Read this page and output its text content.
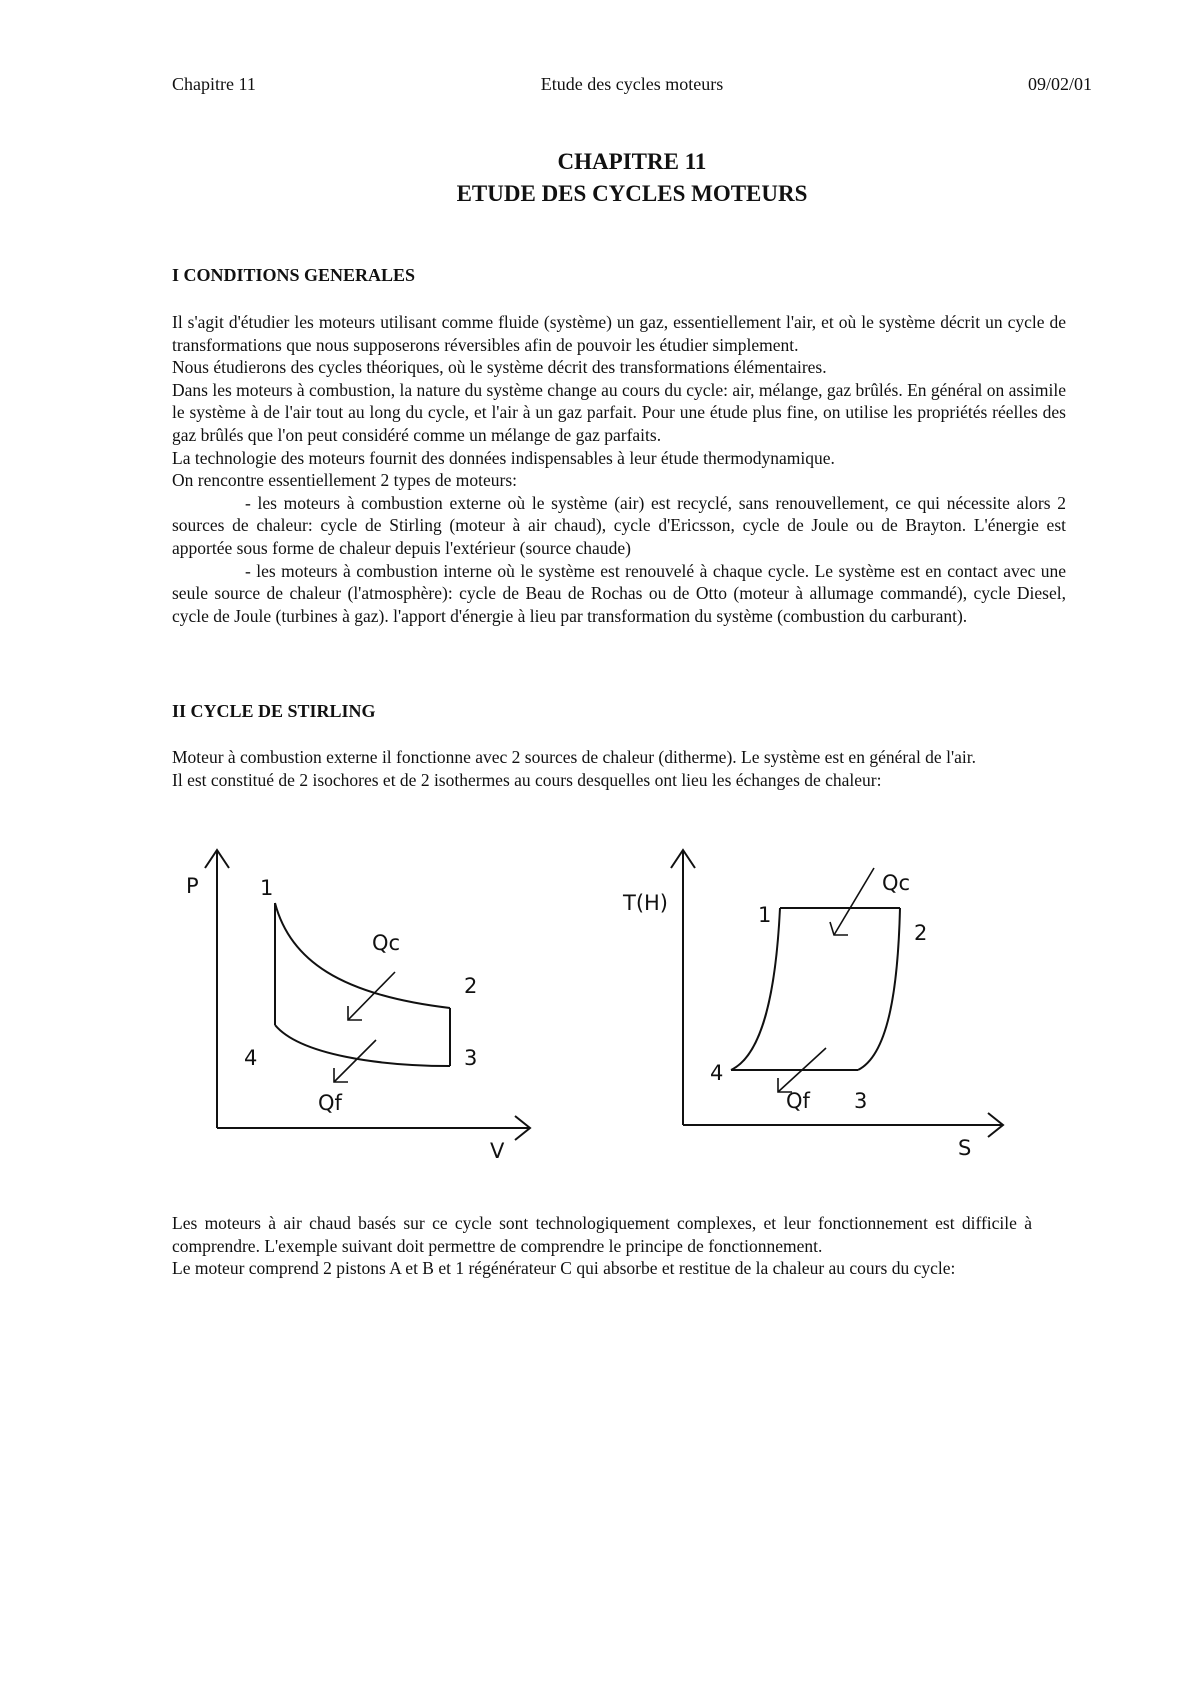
Chapitre 11	Etude des cycles moteurs	09/02/01
CHAPITRE 11
ETUDE DES CYCLES MOTEURS
I CONDITIONS GENERALES

Il s'agit d'étudier les moteurs utilisant comme fluide (système) un gaz, essentiellement l'air, et où le système décrit un cycle de transformations que nous supposerons réversibles afin de pouvoir les étudier simplement.

Nous étudierons des cycles théoriques, où le système décrit des transformations élémentaires.

Dans les moteurs à combustion, la nature du système change au cours du cycle: air, mélange, gaz brûlés. En général on assimile le système à de l'air tout au long du cycle, et l'air à un gaz parfait. Pour une étude plus fine, on utilise les propriétés réelles des gaz brûlés que l'on peut considéré comme un mélange de gaz parfaits.

La technologie des moteurs fournit des données indispensables à leur étude thermodynamique.

On rencontre essentiellement 2 types de moteurs:

- les moteurs à combustion externe où le système (air) est recyclé, sans renouvellement, ce qui nécessite alors 2 sources de chaleur: cycle de Stirling (moteur à air chaud), cycle d'Ericsson, cycle de Joule ou de Brayton. L'énergie est apportée sous forme de chaleur depuis l'extérieur (source chaude)

- les moteurs à combustion interne où le système est renouvelé à chaque cycle. Le système est en contact avec une seule source de chaleur (l'atmosphère): cycle de Beau de Rochas ou de Otto (moteur à allumage commandé), cycle Diesel, cycle de Joule (turbines à gaz). l'apport d'énergie à lieu par transformation du système (combustion du carburant).

II CYCLE DE STIRLING

Moteur à combustion externe il fonctionne avec 2 sources de chaleur (ditherme). Le système est en général de l'air.

Il est constitué de 2 isochores et de 2 isothermes au cours desquelles ont lieu les échanges de chaleur:

P
V
1
2
3
4
Qc
Qf
T(H)
S
1
2
3
4
Qc
Qf

Les moteurs à air chaud basés sur ce cycle sont technologiquement complexes, et leur fonctionnement est difficile à comprendre. L'exemple suivant doit permettre de comprendre le principe de fonctionnement.

Le moteur comprend 2 pistons A et B et 1 régénérateur C qui absorbe et restitue de la chaleur au cours du cycle:
